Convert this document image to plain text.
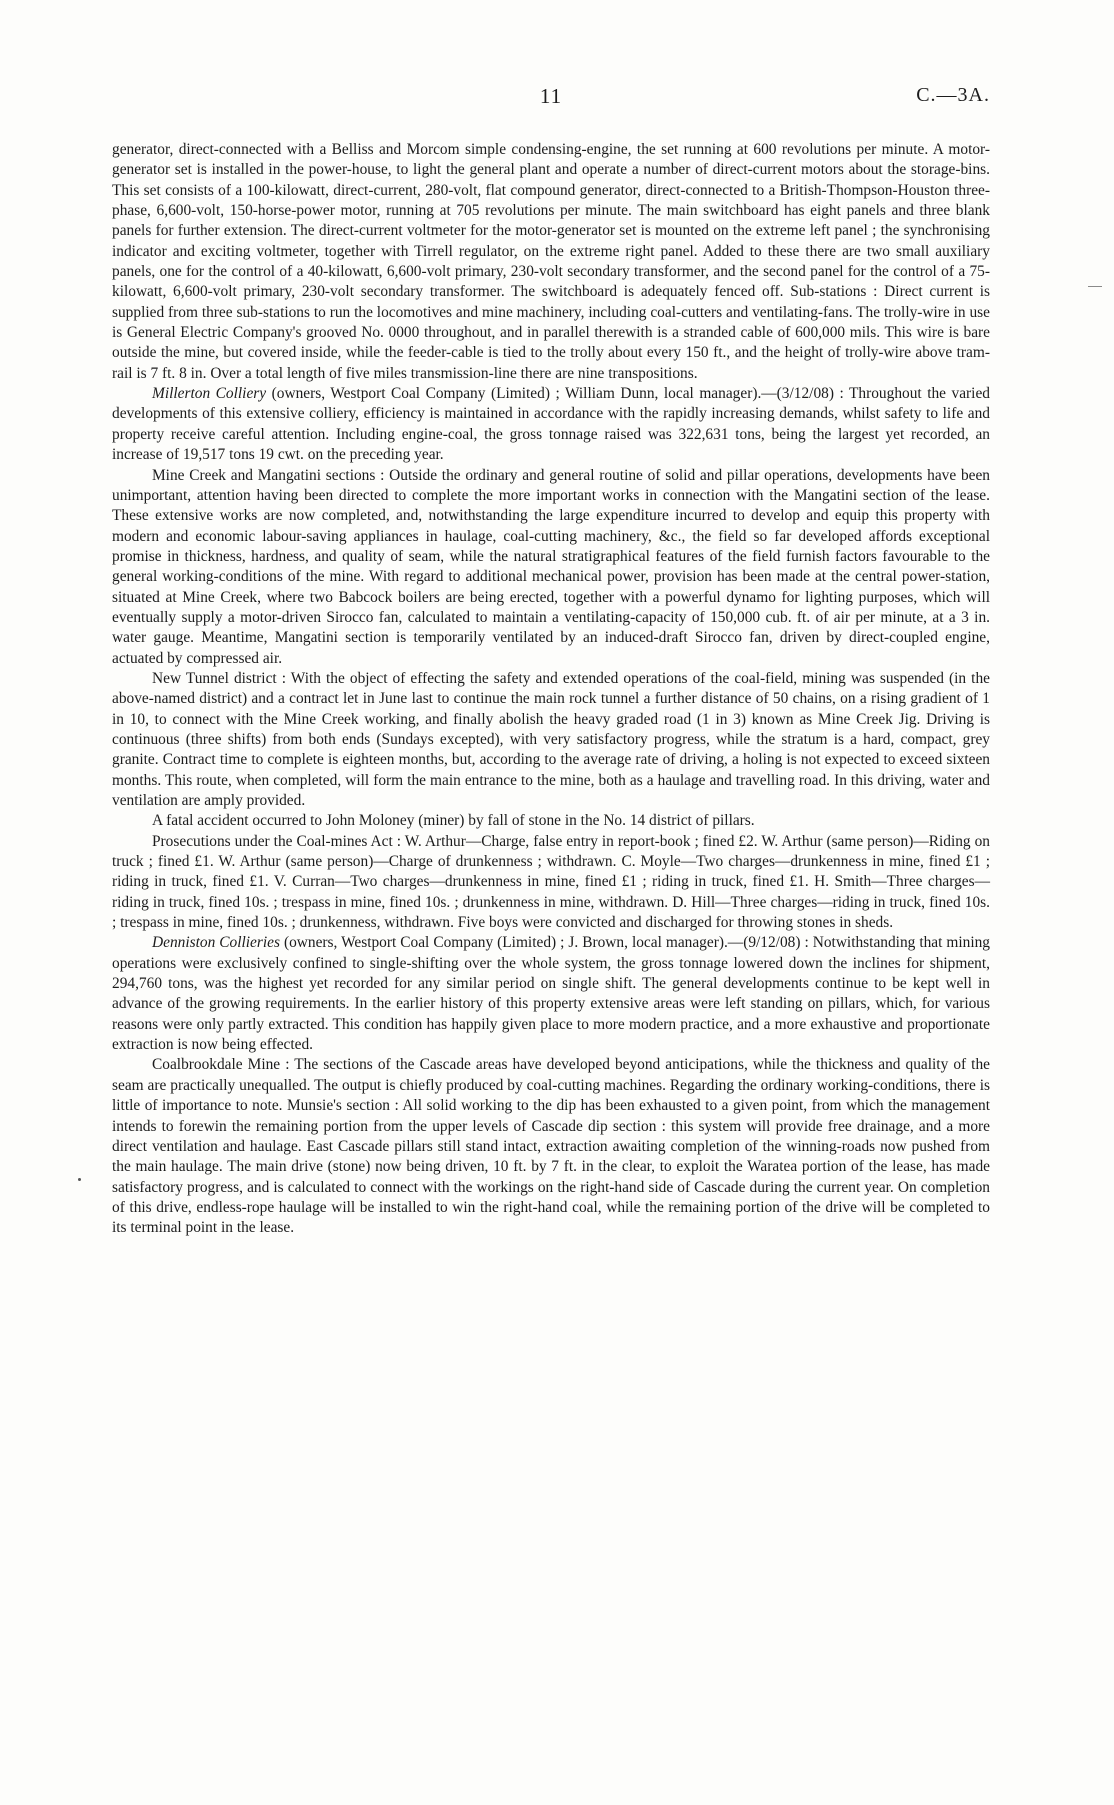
11	C.—3A.

generator, direct-connected with a Belliss and Morcom simple condensing-engine, the set running at 600 revolutions per minute. A motor-generator set is installed in the power-house, to light the general plant and operate a number of direct-current motors about the storage-bins. This set consists of a 100-kilowatt, direct-current, 280-volt, flat compound generator, direct-connected to a British-Thompson-Houston three-phase, 6,600-volt, 150-horse-power motor, running at 705 revolutions per minute. The main switchboard has eight panels and three blank panels for further extension. The direct-current voltmeter for the motor-generator set is mounted on the extreme left panel ; the synchronising indicator and exciting voltmeter, together with Tirrell regulator, on the extreme right panel. Added to these there are two small auxiliary panels, one for the control of a 40-kilowatt, 6,600-volt primary, 230-volt secondary transformer, and the second panel for the control of a 75-kilowatt, 6,600-volt primary, 230-volt secondary transformer. The switchboard is adequately fenced off. Sub-stations : Direct current is supplied from three sub-stations to run the locomotives and mine machinery, including coal-cutters and ventilating-fans. The trolly-wire in use is General Electric Company's grooved No. 0000 throughout, and in parallel therewith is a stranded cable of 600,000 mils. This wire is bare outside the mine, but covered inside, while the feeder-cable is tied to the trolly about every 150 ft., and the height of trolly-wire above tram-rail is 7 ft. 8 in. Over a total length of five miles transmission-line there are nine transpositions.

Millerton Colliery (owners, Westport Coal Company (Limited) ; William Dunn, local manager).—(3/12/08) : Throughout the varied developments of this extensive colliery, efficiency is maintained in accordance with the rapidly increasing demands, whilst safety to life and property receive careful attention. Including engine-coal, the gross tonnage raised was 322,631 tons, being the largest yet recorded, an increase of 19,517 tons 19 cwt. on the preceding year.

Mine Creek and Mangatini sections : Outside the ordinary and general routine of solid and pillar operations, developments have been unimportant, attention having been directed to complete the more important works in connection with the Mangatini section of the lease. These extensive works are now completed, and, notwithstanding the large expenditure incurred to develop and equip this property with modern and economic labour-saving appliances in haulage, coal-cutting machinery, &c., the field so far developed affords exceptional promise in thickness, hardness, and quality of seam, while the natural stratigraphical features of the field furnish factors favourable to the general working-conditions of the mine. With regard to additional mechanical power, provision has been made at the central power-station, situated at Mine Creek, where two Babcock boilers are being erected, together with a powerful dynamo for lighting purposes, which will eventually supply a motor-driven Sirocco fan, calculated to maintain a ventilating-capacity of 150,000 cub. ft. of air per minute, at a 3 in. water gauge. Meantime, Mangatini section is temporarily ventilated by an induced-draft Sirocco fan, driven by direct-coupled engine, actuated by compressed air.

New Tunnel district : With the object of effecting the safety and extended operations of the coal-field, mining was suspended (in the above-named district) and a contract let in June last to continue the main rock tunnel a further distance of 50 chains, on a rising gradient of 1 in 10, to connect with the Mine Creek working, and finally abolish the heavy graded road (1 in 3) known as Mine Creek Jig. Driving is continuous (three shifts) from both ends (Sundays excepted), with very satisfactory progress, while the stratum is a hard, compact, grey granite. Contract time to complete is eighteen months, but, according to the average rate of driving, a holing is not expected to exceed sixteen months. This route, when completed, will form the main entrance to the mine, both as a haulage and travelling road. In this driving, water and ventilation are amply provided.

A fatal accident occurred to John Moloney (miner) by fall of stone in the No. 14 district of pillars.

Prosecutions under the Coal-mines Act : W. Arthur—Charge, false entry in report-book ; fined £2. W. Arthur (same person)—Riding on truck ; fined £1. W. Arthur (same person)—Charge of drunkenness ; withdrawn. C. Moyle—Two charges—drunkenness in mine, fined £1 ; riding in truck, fined £1. V. Curran—Two charges—drunkenness in mine, fined £1 ; riding in truck, fined £1. H. Smith—Three charges—riding in truck, fined 10s. ; trespass in mine, fined 10s. ; drunkenness in mine, withdrawn. D. Hill—Three charges—riding in truck, fined 10s. ; trespass in mine, fined 10s. ; drunkenness, withdrawn. Five boys were convicted and discharged for throwing stones in sheds.

Denniston Collieries (owners, Westport Coal Company (Limited) ; J. Brown, local manager).—(9/12/08) : Notwithstanding that mining operations were exclusively confined to single-shifting over the whole system, the gross tonnage lowered down the inclines for shipment, 294,760 tons, was the highest yet recorded for any similar period on single shift. The general developments continue to be kept well in advance of the growing requirements. In the earlier history of this property extensive areas were left standing on pillars, which, for various reasons were only partly extracted. This condition has happily given place to more modern practice, and a more exhaustive and proportionate extraction is now being effected.

Coalbrookdale Mine : The sections of the Cascade areas have developed beyond anticipations, while the thickness and quality of the seam are practically unequalled. The output is chiefly produced by coal-cutting machines. Regarding the ordinary working-conditions, there is little of importance to note. Munsie's section : All solid working to the dip has been exhausted to a given point, from which the management intends to forewin the remaining portion from the upper levels of Cascade dip section : this system will provide free drainage, and a more direct ventilation and haulage. East Cascade pillars still stand intact, extraction awaiting completion of the winning-roads now pushed from the main haulage. The main drive (stone) now being driven, 10 ft. by 7 ft. in the clear, to exploit the Waratea portion of the lease, has made satisfactory progress, and is calculated to connect with the workings on the right-hand side of Cascade during the current year. On completion of this drive, endless-rope haulage will be installed to win the right-hand coal, while the remaining portion of the drive will be completed to its terminal point in the lease.
